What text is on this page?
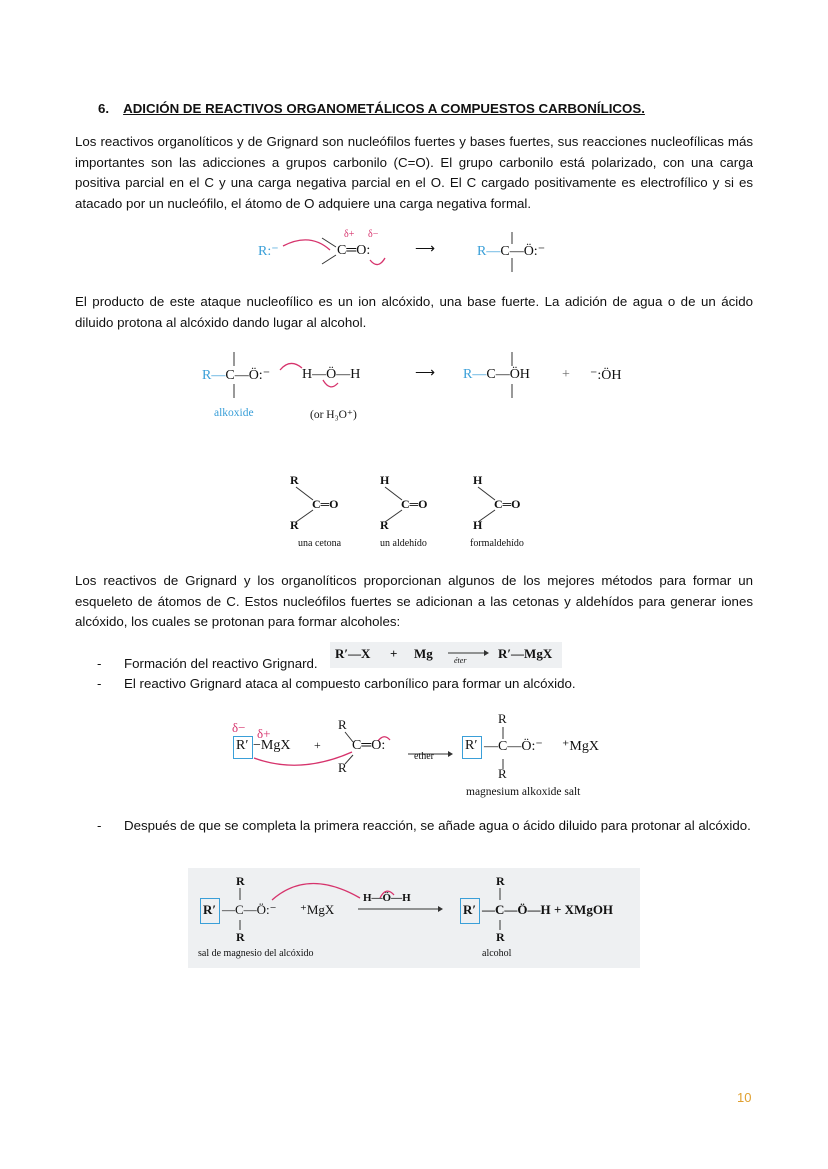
6. ADICIÓN DE REACTIVOS ORGANOMETÁLICOS A COMPUESTOS CARBONÍLICOS.
Los reactivos organolíticos y de Grignard son nucleófilos fuertes y bases fuertes, sus reacciones nucleofílicas más importantes son las adicciones a grupos carbonilo (C=O). El grupo carbonilo está polarizado, con una carga positiva parcial en el C y una carga negativa parcial en el O. El C cargado positivamente es electrofílico y si es atacado por un nucleófilo, el átomo de O adquiere una carga negativa formal.
R:⁻
δ+ δ−
C═O:	⟶	R—C—Ö:⁻
El producto de este ataque nucleofílico es un ion alcóxido, una base fuerte. La adición de agua o de un ácido diluido protona al alcóxido dando lugar al alcohol.
R—C—Ö:⁻ H—Ö—H	⟶ R—C—ÖH + ⁻:ÖH
alkoxide	(or H₃O⁺)
R
C═O
R
una cetona
H
C═O
R
un aldehído
H
C═O
H
formaldehído
Los reactivos de Grignard y los organolíticos proporcionan algunos de los mejores métodos para formar un esqueleto de átomos de C. Estos nucleófilos fuertes se adicionan a las cetonas y aldehídos para generar iones alcóxido, los cuales se protonan para formar alcoholes:
- Formación del reactivo Grignard.
R′—X + Mg	éter R′—MgX
- El reactivo Grignard ataca al compuesto carbonílico para formar un alcóxido.
δ− δ+
R′ −MgX +
R
C═O:
R
ether
R
R′ —C—Ö:⁻ ⁺MgX
R
magnesium alkoxide salt
- Después de que se completa la primera reacción, se añade agua o ácido diluido para protonar al alcóxido.
R
R′ —C—Ö:⁻
R
⁺MgX
H—Ö—H
R
R′ —C—Ö—H + XMgOH
R
sal de magnesio del alcóxido	alcohol
10
